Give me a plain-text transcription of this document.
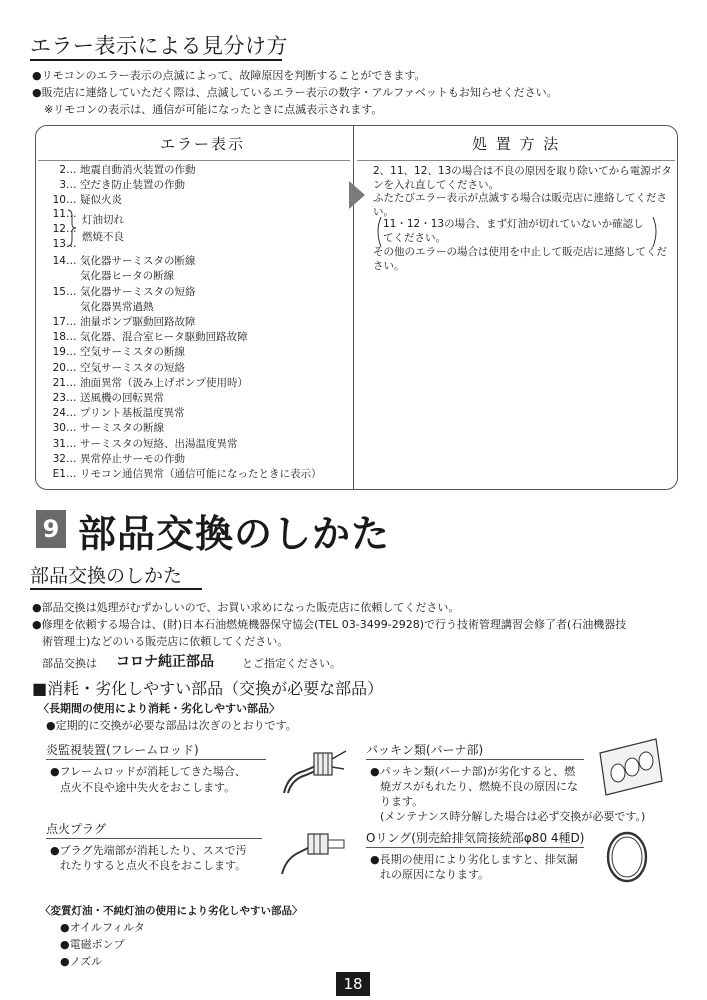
エラー表示による見分け方
●リモコンのエラー表示の点滅によって、故障原因を判断することができます。
●販売店に連絡していただく際は、点滅しているエラー表示の数字・アルファベットもお知らせください。
※リモコンの表示は、通信が可能になったときに点滅表示されます。
エラー表示	処 置 方 法
2… 地震自動消火装置の作動
3… 空だき防止装置の作動
10… 疑似火炎
11…
12…
13…
14… 気化器サーミスタの断線
気化器ヒータの断線
15… 気化器サーミスタの短絡
気化器異常過熱
17… 油量ポンプ駆動回路故障
18… 気化器、混合室ヒータ駆動回路故障
19… 空気サーミスタの断線
20… 空気サーミスタの短絡
21… 油面異常（汲み上げポンプ使用時）
23… 送風機の回転異常
24… プリント基板温度異常
30… サーミスタの断線
31… サーミスタの短絡、出湯温度異常
32… 異常停止サーモの作動
E1… リモコン通信異常（通信可能になったときに表示）
灯油切れ
燃焼不良
2、11、12、13の場合は不良の原因を取り除いてから電源ボタンを入れ直してください。
ふたたびエラー表示が点滅する場合は販売店に連絡してください。
11・12・13の場合、まず灯油が切れていないか確認してください。
その他のエラーの場合は使用を中止して販売店に連絡してください。
9 部品交換のしかた
部品交換のしかた
●部品交換は処理がむずかしいので、お買い求めになった販売店に依頼してください。
●修理を依頼する場合は、(財)日本石油燃焼機器保守協会(TEL 03-3499-2928)で行う技術管理講習会修了者(石油機器技
術管理士)などのいる販売店に依頼してください。
部品交換は コロナ純正部品	とご指定ください。
■消耗・劣化しやすい部品（交換が必要な部品）
〈長期間の使用により消耗・劣化しやすい部品〉
●定期的に交換が必要な部品は次ぎのとおりです。
炎監視装置(フレームロッド)
●フレームロッドが消耗してきた場合、
点火不良や途中失火をおこします。
パッキン類(バーナ部)
●パッキン類(バーナ部)が劣化すると、燃
焼ガスがもれたり、燃焼不良の原因にな
ります。
(メンテナンス時分解した場合は必ず交換が必要です。)
点火プラグ
●プラグ先端部が消耗したり、ススで汚
れたりすると点火不良をおこします。
Oリング(別売給排気筒接続部φ80 4種D)
●長期の使用により劣化しますと、排気漏
れの原因になります。
〈変質灯油・不純灯油の使用により劣化しやすい部品〉
●オイルフィルタ
●電磁ポンプ
●ノズル
18
